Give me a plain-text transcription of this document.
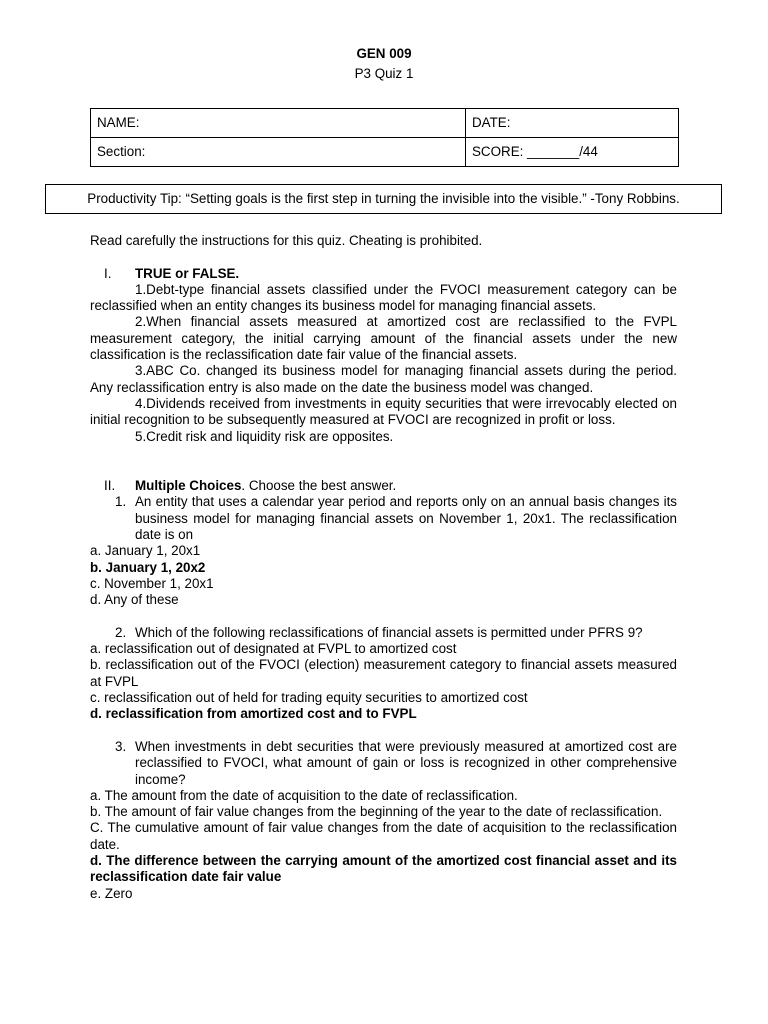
GEN 009
P3 Quiz 1
NAME:	DATE:
Section:	SCORE: _______/44
Productivity Tip: “Setting goals is the first step in turning the invisible into the visible.” -Tony Robbins.

Read carefully the instructions for this quiz. Cheating is prohibited.

I. TRUE or FALSE.

1.Debt-type financial assets classified under the FVOCI measurement category can be reclassified when an entity changes its business model for managing financial assets.

2.When financial assets measured at amortized cost are reclassified to the FVPL measurement category, the initial carrying amount of the financial assets under the new classification is the reclassification date fair value of the financial assets.

3.ABC Co. changed its business model for managing financial assets during the period. Any reclassification entry is also made on the date the business model was changed.

4.Dividends received from investments in equity securities that were irrevocably elected on initial recognition to be subsequently measured at FVOCI are recognized in profit or loss.

5.Credit risk and liquidity risk are opposites.

II. Multiple Choices. Choose the best answer.

1. An entity that uses a calendar year period and reports only on an annual basis changes its business model for managing financial assets on November 1, 20x1. The reclassification date is on

a. January 1, 20x1

b. January 1, 20x2

c. November 1, 20x1

d. Any of these

2. Which of the following reclassifications of financial assets is permitted under PFRS 9?

a. reclassification out of designated at FVPL to amortized cost

b. reclassification out of the FVOCI (election) measurement category to financial assets measured at FVPL

c. reclassification out of held for trading equity securities to amortized cost

d. reclassification from amortized cost and to FVPL

3. When investments in debt securities that were previously measured at amortized cost are reclassified to FVOCI, what amount of gain or loss is recognized in other comprehensive income?

a. The amount from the date of acquisition to the date of reclassification.

b. The amount of fair value changes from the beginning of the year to the date of reclassification.

C. The cumulative amount of fair value changes from the date of acquisition to the reclassification date.

d. The difference between the carrying amount of the amortized cost financial asset and its reclassification date fair value

e. Zero
